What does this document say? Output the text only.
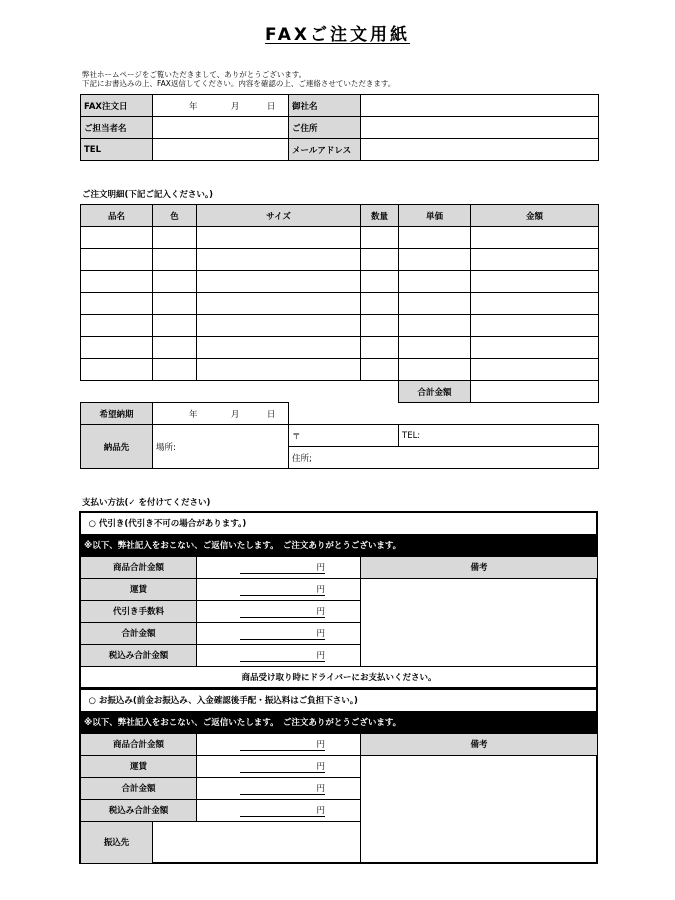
FAXご注文用紙
弊社ホームページをご覧いただきまして、ありがとうございます。
下記にお書込みの上、FAX返信してください。内容を確認の上、ご連絡させていただきます。
FAX注文日	年 月 日	御社名	
ご担当者名		ご住所	
TEL		メールアドレス	
ご注文明細(下記ご記入ください。)
品名	色	サイズ	数量	単価	金額

				合計金額	
希望納期	年 月 日		
納品先	場所:	〒	TEL:
		住所;	
支払い方法(✓ を付けてください)
○ 代引き(代引き不可の場合があります。)		
※以下、弊社記入をおこない、ご返信いたします。　ご注文ありがとうございます。		
商品合計金額	円	備考
運賃	円	
代引き手数料	円	
合計金額	円	
税込み合計金額	円	
商品受け取り時にドライバーにお支払いください。		
○ お振込み(前金お振込み、入金確認後手配・振込料はご負担下さい。)			
※以下、弊社記入をおこない、ご返信いたします。　ご注文ありがとうございます。			
商品合計金額		円	備考
運賃		円	
合計金額		円	
税込み合計金額		円	
振込先			
